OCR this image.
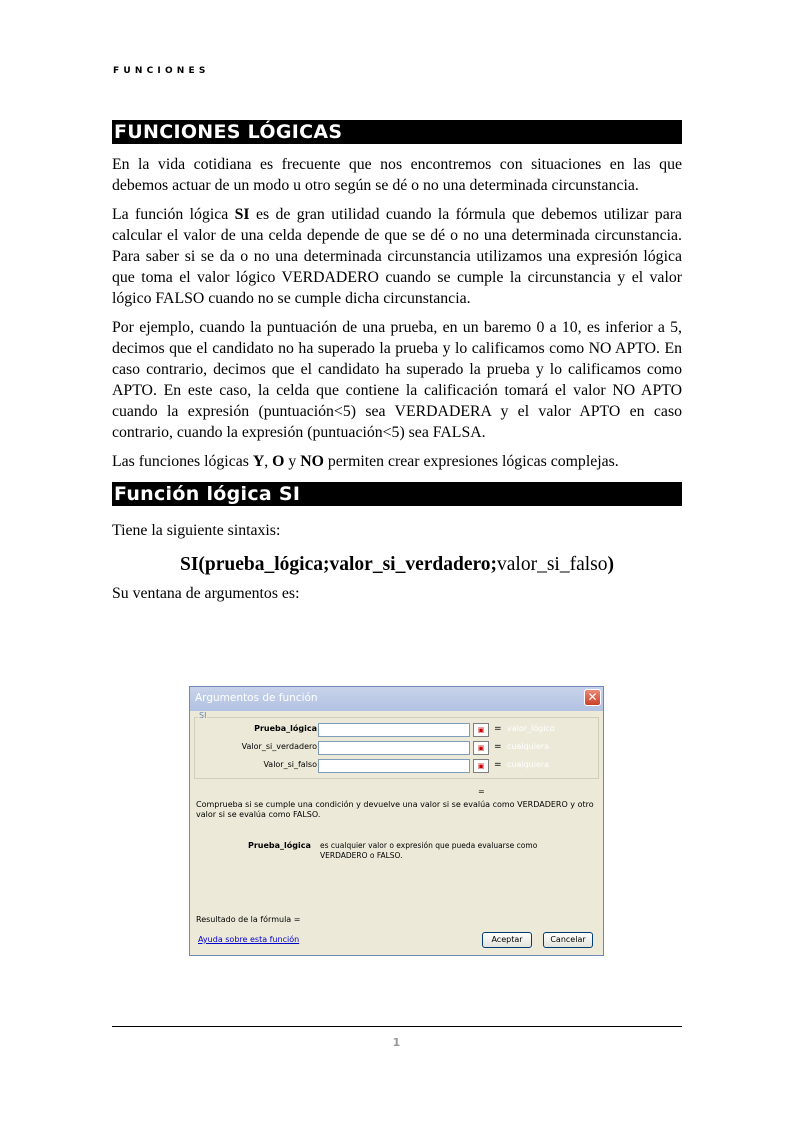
FUNCIONES
FUNCIONES LÓGICAS

En la vida cotidiana es frecuente que nos encontremos con situaciones en las que debemos actuar de un modo u otro según se dé o no una determinada circunstancia.

La función lógica SI es de gran utilidad cuando la fórmula que debemos utilizar para calcular el valor de una celda depende de que se dé o no una determinada circunstancia. Para saber si se da o no una determinada circunstancia utilizamos una expresión lógica que toma el valor lógico VERDADERO cuando se cumple la circunstancia y el valor lógico FALSO cuando no se cumple dicha circunstancia.

Por ejemplo, cuando la puntuación de una prueba, en un baremo 0 a 10, es inferior a 5, decimos que el candidato no ha superado la prueba y lo calificamos como NO APTO. En caso contrario, decimos que el candidato ha superado la prueba y lo calificamos como APTO. En este caso, la celda que contiene la calificación tomará el valor NO APTO cuando la expresión (puntuación<5) sea VERDADERA y el valor APTO en caso contrario, cuando la expresión (puntuación<5) sea FALSA.

Las funciones lógicas Y, O y NO permiten crear expresiones lógicas complejas.

Función lógica SI

Tiene la siguiente sintaxis:

SI(prueba_lógica;valor_si_verdadero;valor_si_falso)

Su ventana de argumentos es:

Argumentos de función	✕
SI
Prueba_lógica	▣	= valor_lógico
Valor_si_verdadero	▣	= cualquiera
Valor_si_falso	▣	= cualquiera
=
Comprueba si se cumple una condición y devuelve una valor si se evalúa como VERDADERO y otro valor si se evalúa como FALSO.
Prueba_lógica es cualquier valor o expresión que pueda evaluarse como VERDADERO o FALSO.
Resultado de la fórmula =
Ayuda sobre esta función	Aceptar	Cancelar
1
